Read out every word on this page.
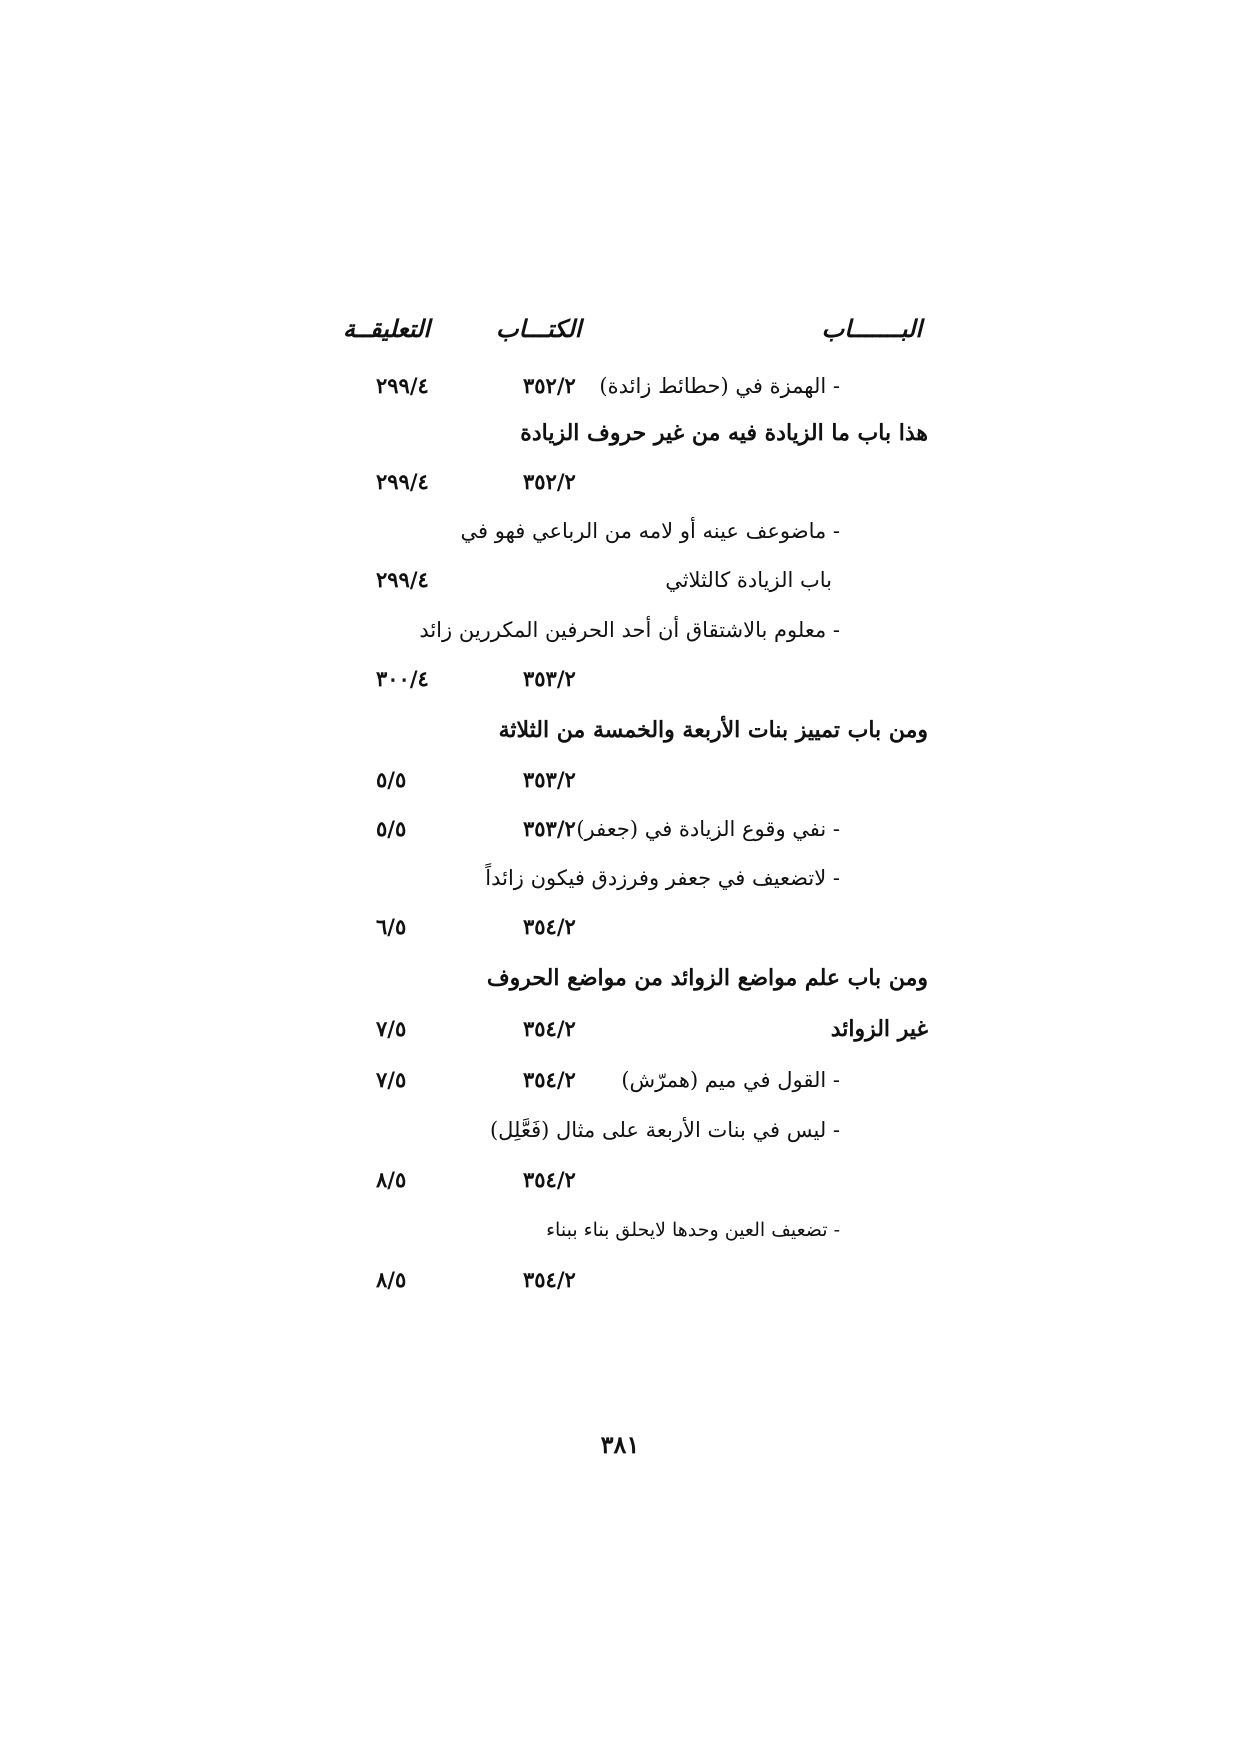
البـــــــاب
الكتـــاب
التعليقــة
- الهمزة في (حطائط زائدة)
٣٥٢/٢
٢٩٩/٤
هذا باب ما الزيادة فيه من غير حروف الزيادة
٣٥٢/٢
٢٩٩/٤
- ماضوعف عينه أو لامه من الرباعي فهو في
باب الزيادة كالثلاثي
٢٩٩/٤
- معلوم بالاشتقاق أن أحد الحرفين المكررين زائد
٣٥٣/٢
٣٠٠/٤
ومن باب تمييز بنات الأربعة والخمسة من الثلاثة
٣٥٣/٢
٥/٥
- نفي وقوع الزيادة في (جعفر)
٣٥٣/٢
٥/٥
- لاتضعيف في جعفر وفرزدق فيكون زائداً
٣٥٤/٢
٦/٥
ومن باب علم مواضع الزوائد من مواضع الحروف
غير الزوائد
٣٥٤/٢
٧/٥
- القول في ميم (همرّش)
٣٥٤/٢
٧/٥
- ليس في بنات الأربعة على مثال (فَعَّلِل)
٣٥٤/٢
٨/٥
- تضعيف العين وحدها لايحلق بناء ببناء
٣٥٤/٢
٨/٥
٣٨١
